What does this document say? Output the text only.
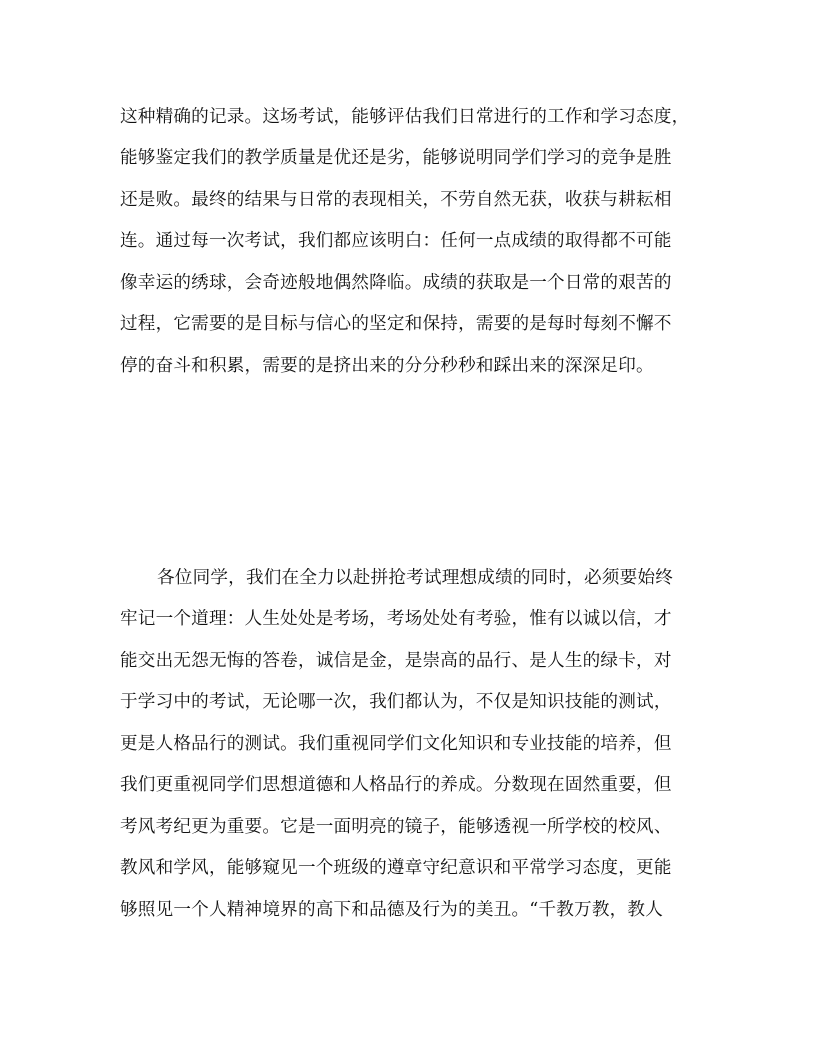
这种精确的记录。这场考试，能够评估我们日常进行的工作和学习态度，
能够鉴定我们的教学质量是优还是劣，能够说明同学们学习的竞争是胜
还是败。最终的结果与日常的表现相关，不劳自然无获，收获与耕耘相
连。通过每一次考试，我们都应该明白：任何一点成绩的取得都不可能
像幸运的绣球，会奇迹般地偶然降临。成绩的获取是一个日常的艰苦的
过程，它需要的是目标与信心的坚定和保持，需要的是每时每刻不懈不
停的奋斗和积累，需要的是挤出来的分分秒秒和踩出来的深深足印。
各位同学，我们在全力以赴拼抢考试理想成绩的同时，必须要始终
牢记一个道理：人生处处是考场，考场处处有考验，惟有以诚以信，才
能交出无怨无悔的答卷，诚信是金，是崇高的品行、是人生的绿卡，对
于学习中的考试，无论哪一次，我们都认为，不仅是知识技能的测试，
更是人格品行的测试。我们重视同学们文化知识和专业技能的培养，但
我们更重视同学们思想道德和人格品行的养成。分数现在固然重要，但
考风考纪更为重要。它是一面明亮的镜子，能够透视一所学校的校风、
教风和学风，能够窥见一个班级的遵章守纪意识和平常学习态度，更能
够照见一个人精神境界的高下和品德及行为的美丑。“千教万教，教人
